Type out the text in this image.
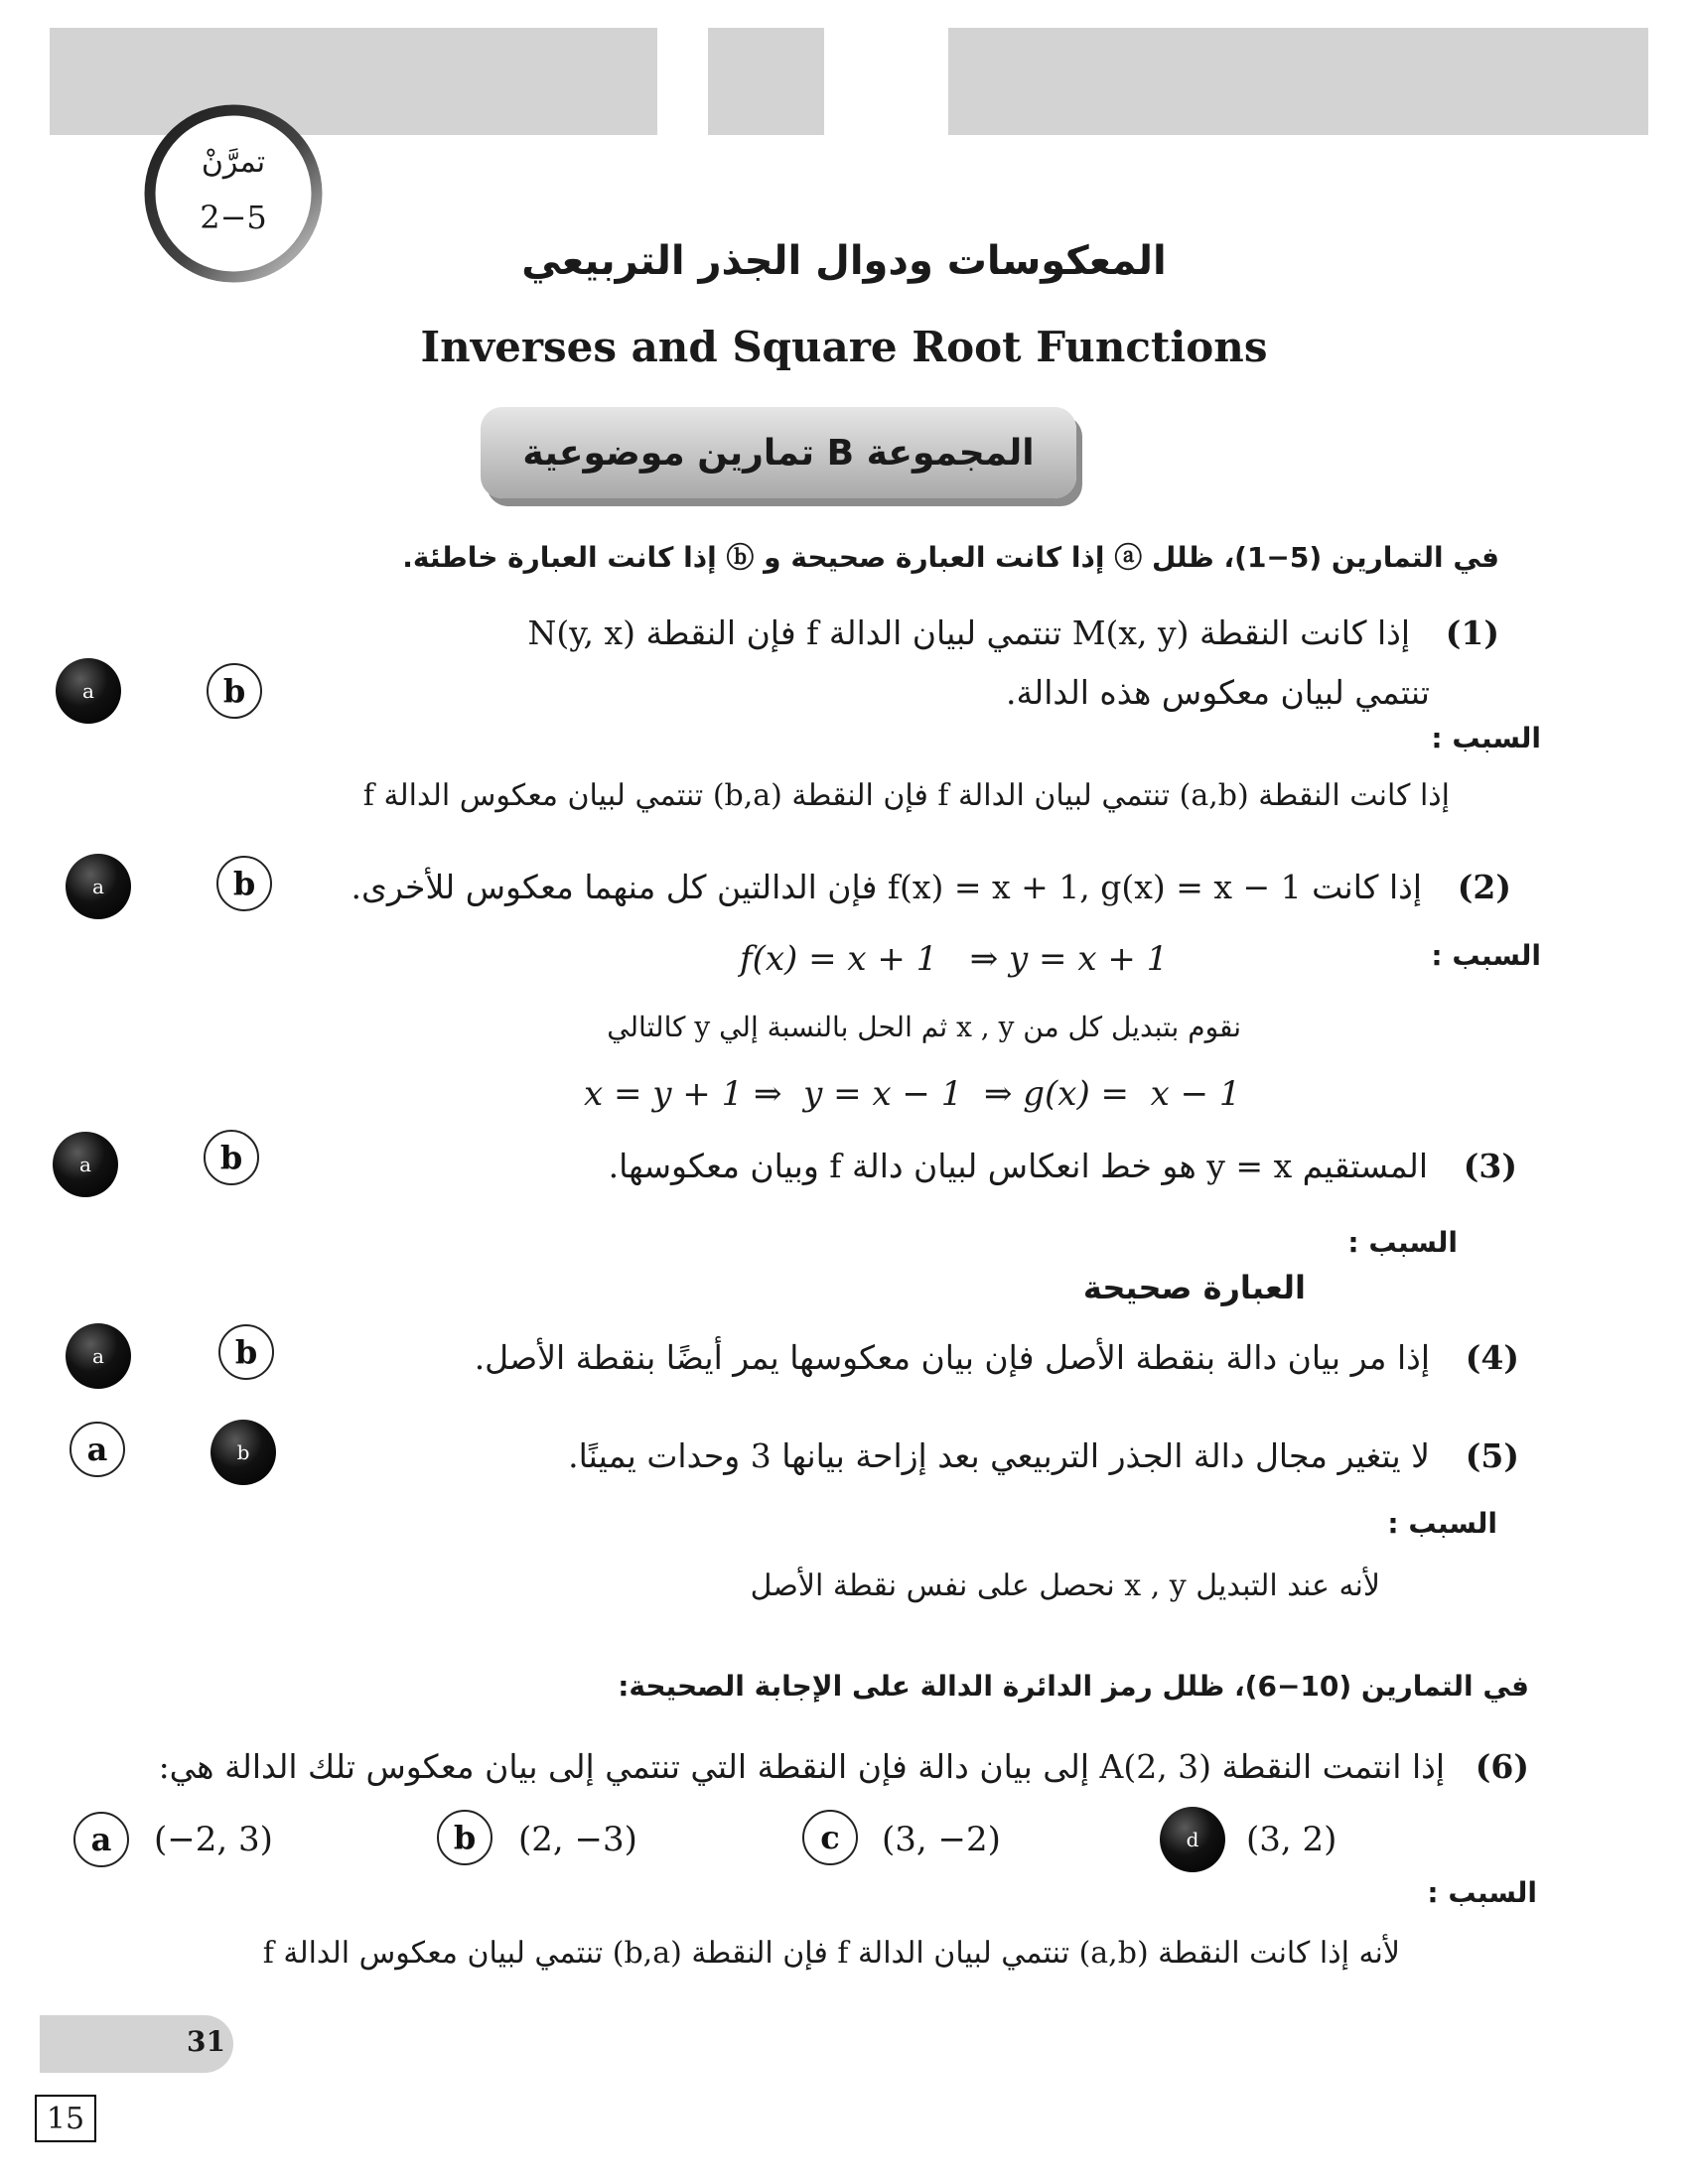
تمرَّنْ
2−5
المعكوسات ودوال الجذر التربيعي
Inverses and Square Root Functions
المجموعة B تمارين موضوعية
في التمارين (5−1)، ظلل ⓐ إذا كانت العبارة صحيحة و ⓑ إذا كانت العبارة خاطئة.
a	b
(1)
إذا كانت النقطة M(x, y) تنتمي لبيان الدالة f فإن النقطة N(y, x)
تنتمي لبيان معكوس هذه الدالة.
السبب :
إذا كانت النقطة (a,b) تنتمي لبيان الدالة f فإن النقطة (b,a) تنتمي لبيان معكوس الدالة f
a	b	(2)
إذا كانت f(x) = x + 1, g(x) = x − 1 فإن الدالتين كل منهما معكوس للأخرى.
السبب :
f(x) = x + 1   ⇒ y = x + 1
نقوم بتبديل كل من x , y ثم الحل بالنسبة إلي y كالتالي
x = y + 1 ⇒  y = x − 1  ⇒ g(x) =  x − 1
a	b	(3)
المستقيم y = x هو خط انعكاس لبيان دالة f وبيان معكوسها.
السبب :
العبارة صحيحة
a	b	(4)
إذا مر بيان دالة بنقطة الأصل فإن بيان معكوسها يمر أيضًا بنقطة الأصل.
a	b	(5)
لا يتغير مجال دالة الجذر التربيعي بعد إزاحة بيانها 3 وحدات يمينًا.
السبب :
لأنه عند التبديل x , y نحصل على نفس نقطة الأصل
في التمارين (10−6)، ظلل رمز الدائرة الدالة على الإجابة الصحيحة:
(6)
إذا انتمت النقطة A(2, 3) إلى بيان دالة فإن النقطة التي تنتمي إلى بيان معكوس تلك الدالة هي:
a (−2, 3)	b (2, −3)	c (3, −2)	d (3, 2)
السبب :
لأنه إذا كانت النقطة (a,b) تنتمي لبيان الدالة f فإن النقطة (b,a) تنتمي لبيان معكوس الدالة f
31
15
